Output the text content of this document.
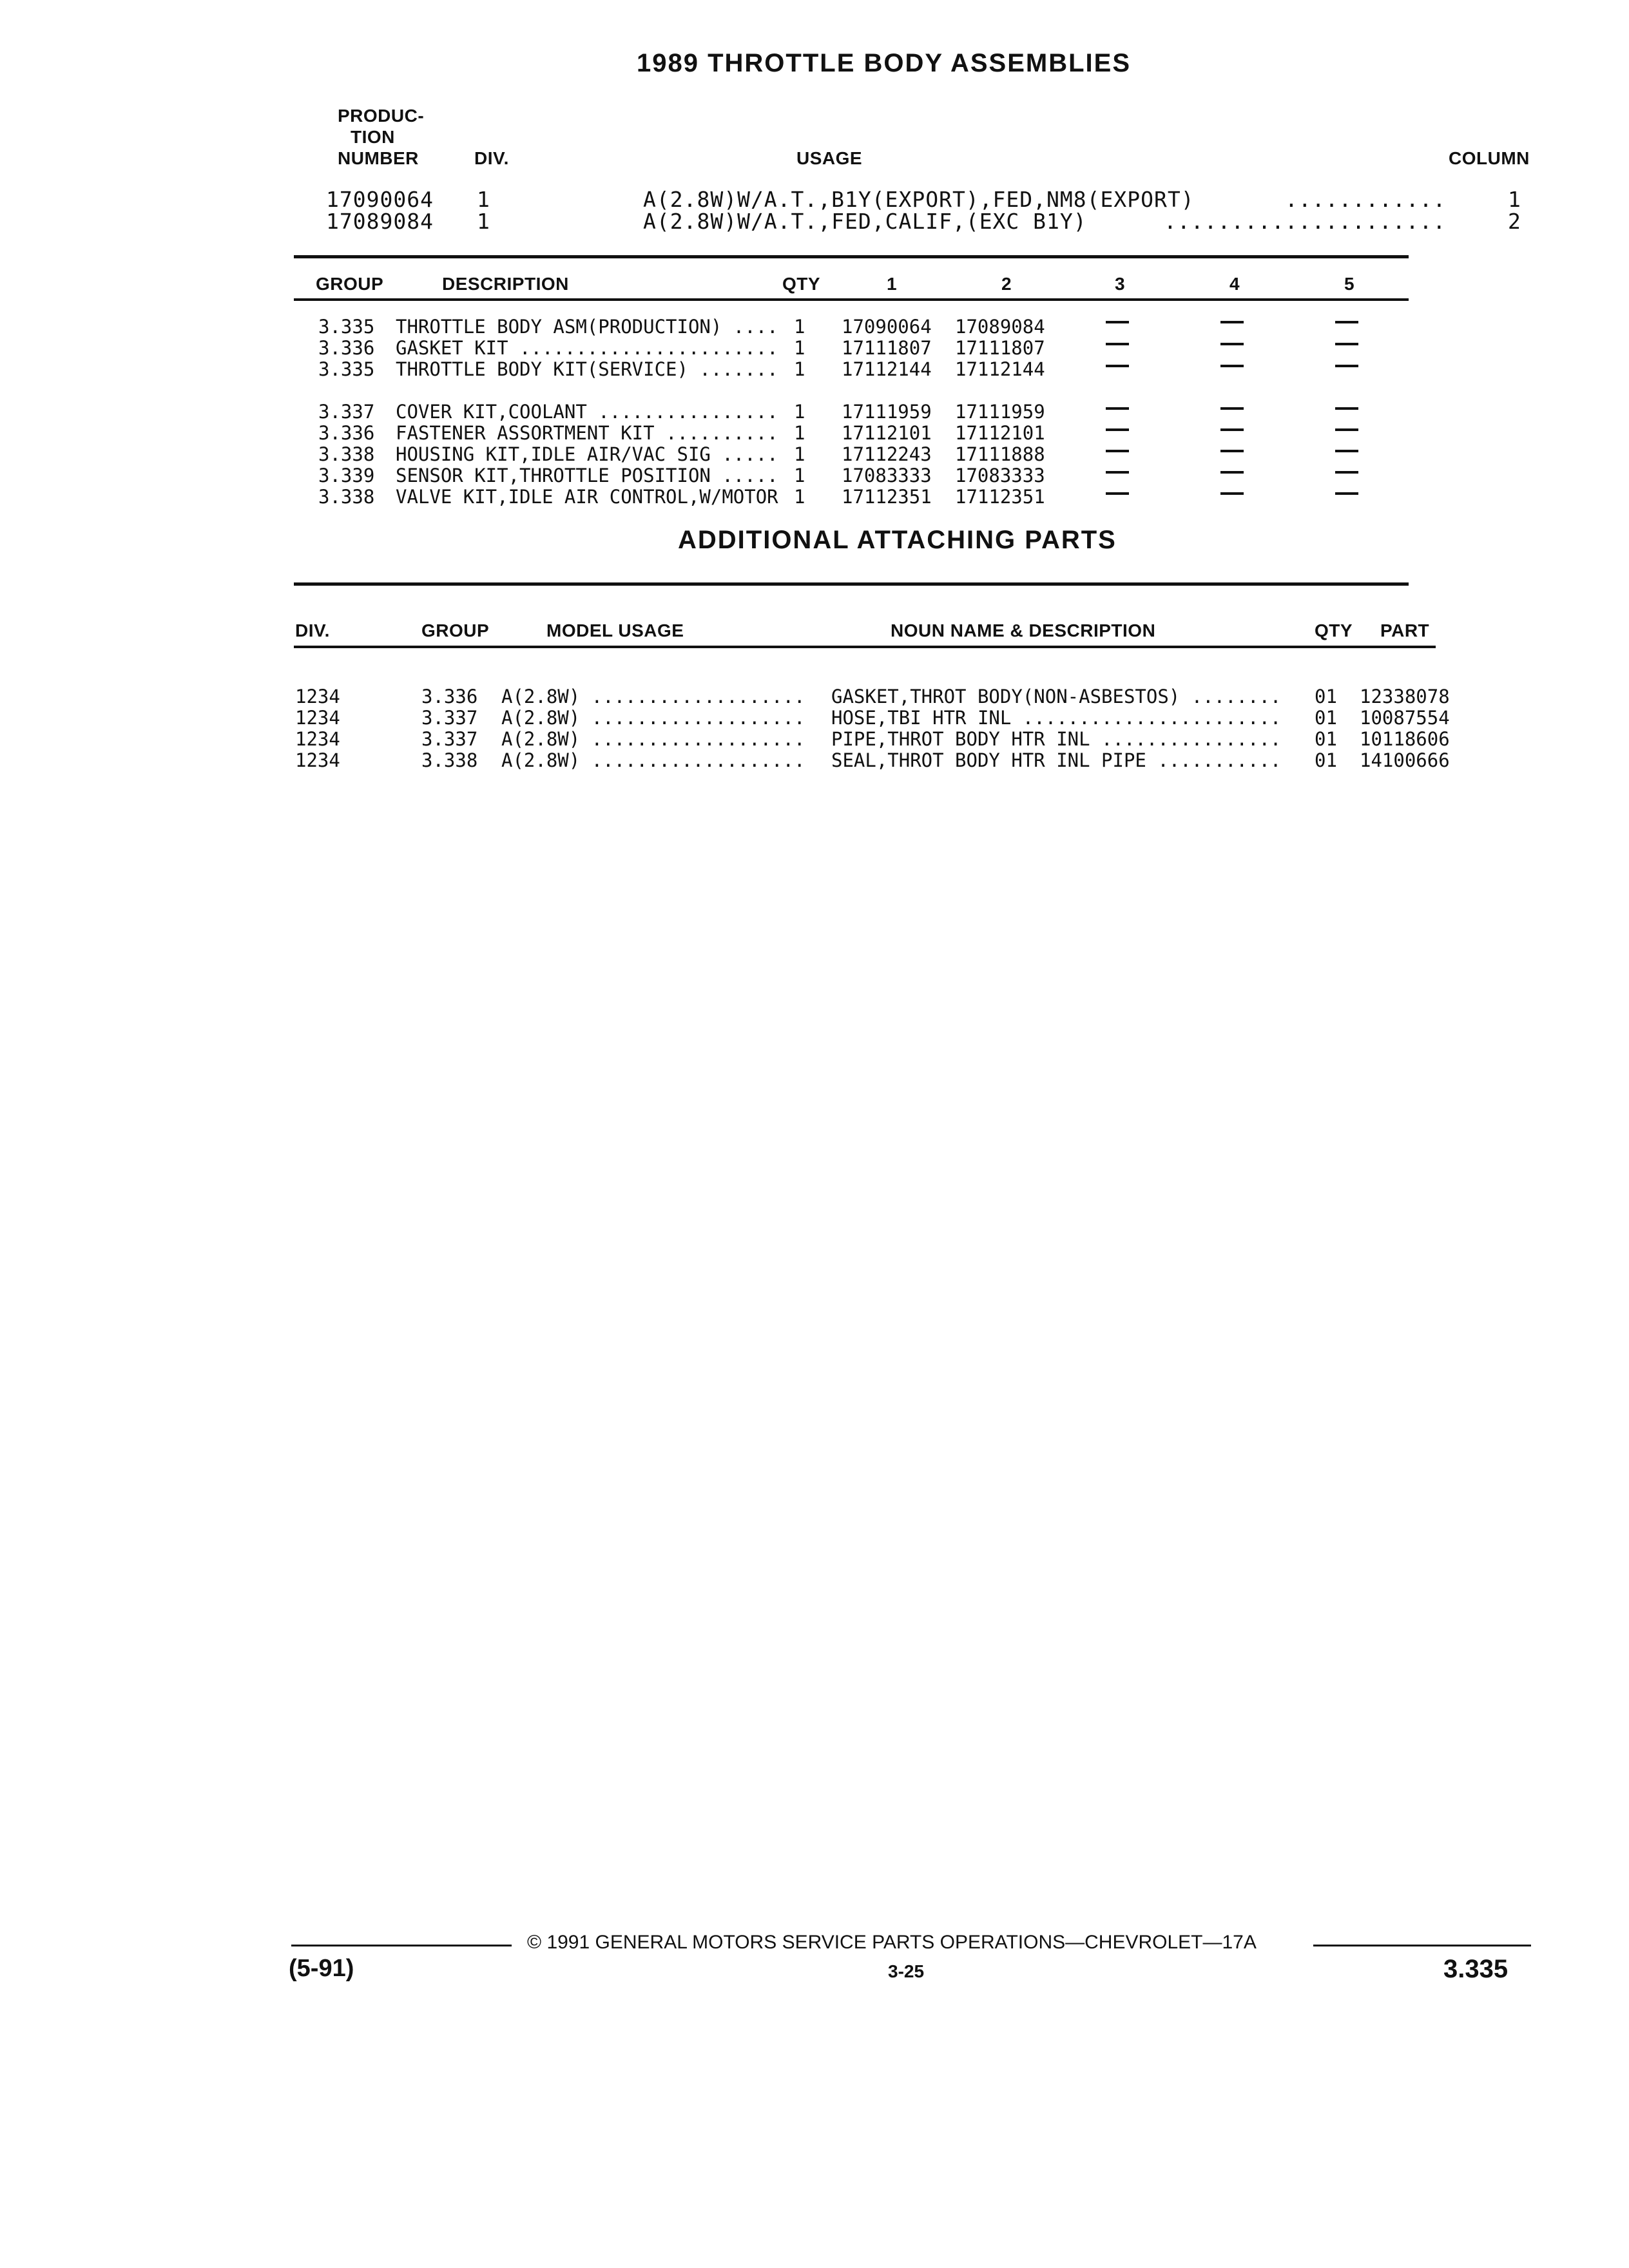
1989 THROTTLE BODY ASSEMBLIES
PRODUC-
TION
NUMBER	DIV.	USAGE	COLUMN
17090064 1	A(2.8W)W/A.T.,B1Y(EXPORT),FED,NM8(EXPORT)	............	1
17089084 1	A(2.8W)W/A.T.,FED,CALIF,(EXC B1Y)	.....................	2
GROUP	DESCRIPTION	QTY	1	2	3	4	5
3.335 THROTTLE BODY ASM(PRODUCTION) .... 1 17090064 17089084
3.336 GASKET KIT ....................... 1 17111807 17111807
3.335 THROTTLE BODY KIT(SERVICE) ....... 1 17112144 17112144
3.337 COVER KIT,COOLANT ................ 1 17111959 17111959
3.336 FASTENER ASSORTMENT KIT .......... 1 17112101 17112101
3.338 HOUSING KIT,IDLE AIR/VAC SIG ..... 1 17112243 17111888
3.339 SENSOR KIT,THROTTLE POSITION ..... 1 17083333 17083333
3.338 VALVE KIT,IDLE AIR CONTROL,W/MOTOR 1 17112351 17112351
ADDITIONAL ATTACHING PARTS
DIV.	GROUP	MODEL USAGE	NOUN NAME & DESCRIPTION	QTY PART
1234	3.336 A(2.8W) ................... GASKET,THROT BODY(NON-ASBESTOS) ........ 01 12338078
1234	3.337 A(2.8W) ................... HOSE,TBI HTR INL ....................... 01 10087554
1234	3.337 A(2.8W) ................... PIPE,THROT BODY HTR INL ................ 01 10118606
1234	3.338 A(2.8W) ................... SEAL,THROT BODY HTR INL PIPE ........... 01 14100666
© 1991 GENERAL MOTORS SERVICE PARTS OPERATIONS—CHEVROLET—17A
(5-91)	3-25	3.335
